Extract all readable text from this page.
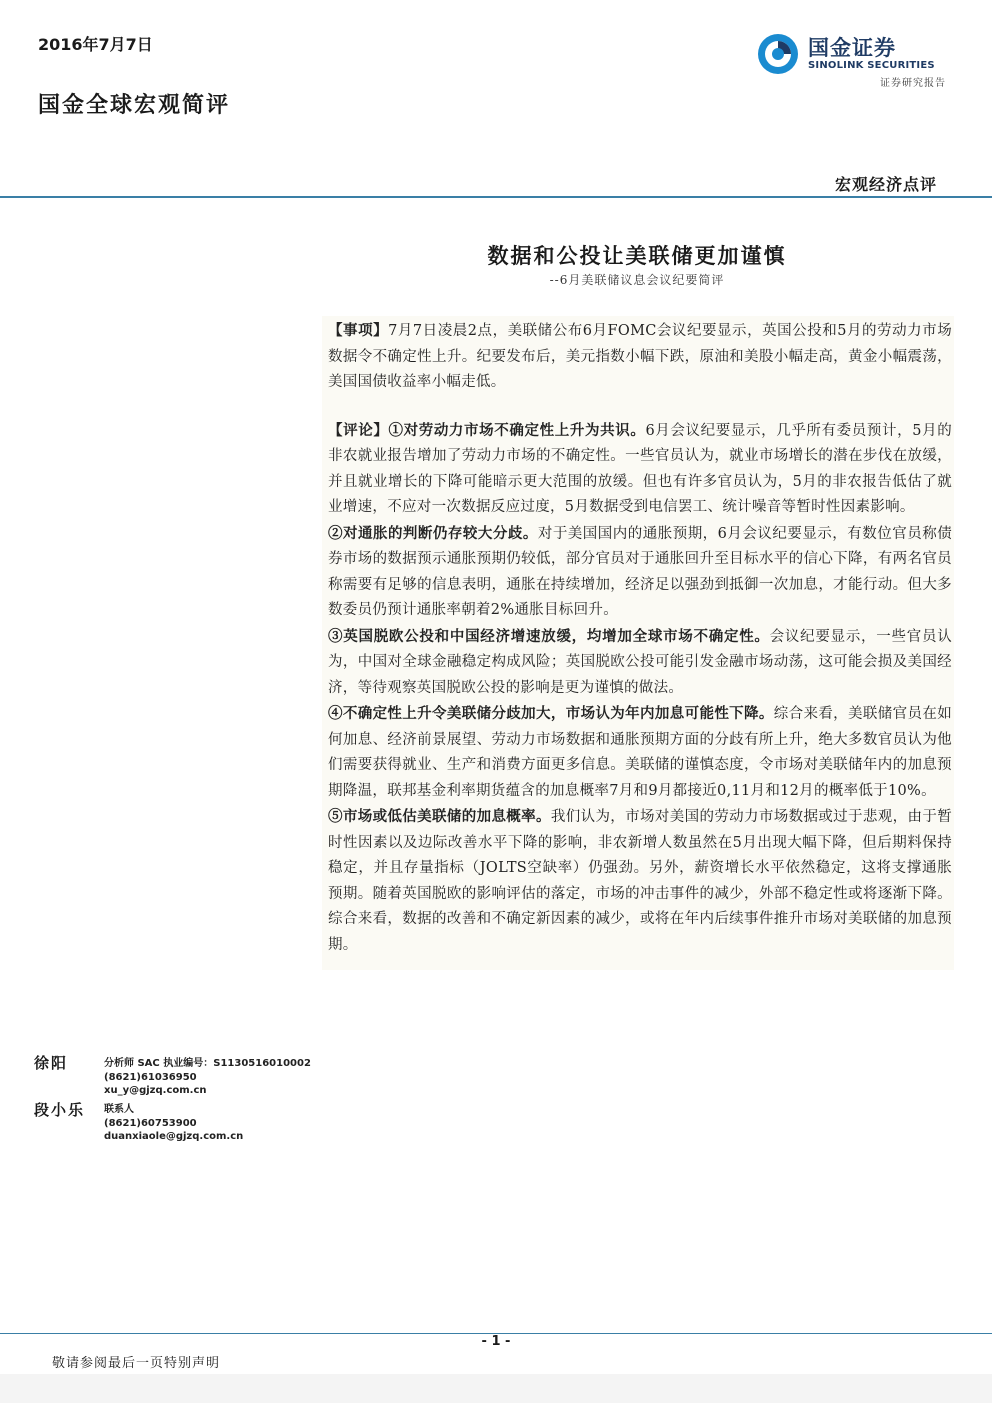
2016年7月7日
国金全球宏观简评
国金证券
SINOLINK SECURITIES
证券研究报告
宏观经济点评
数据和公投让美联储更加谨慎
--6月美联储议息会议纪要简评

【事项】7月7日凌晨2点，美联储公布6月FOMC会议纪要显示，英国公投和5月的劳动力市场数据令不确定性上升。纪要发布后，美元指数小幅下跌，原油和美股小幅走高，黄金小幅震荡，美国国债收益率小幅走低。

【评论】①对劳动力市场不确定性上升为共识。6月会议纪要显示，几乎所有委员预计，5月的非农就业报告增加了劳动力市场的不确定性。一些官员认为，就业市场增长的潜在步伐在放缓，并且就业增长的下降可能暗示更大范围的放缓。但也有许多官员认为，5月的非农报告低估了就业增速，不应对一次数据反应过度，5月数据受到电信罢工、统计噪音等暂时性因素影响。

②对通胀的判断仍存较大分歧。对于美国国内的通胀预期，6月会议纪要显示，有数位官员称债券市场的数据预示通胀预期仍较低，部分官员对于通胀回升至目标水平的信心下降，有两名官员称需要有足够的信息表明，通胀在持续增加，经济足以强劲到抵御一次加息，才能行动。但大多数委员仍预计通胀率朝着2%通胀目标回升。

③英国脱欧公投和中国经济增速放缓，均增加全球市场不确定性。会议纪要显示，一些官员认为，中国对全球金融稳定构成风险；英国脱欧公投可能引发金融市场动荡，这可能会损及美国经济，等待观察英国脱欧公投的影响是更为谨慎的做法。

④不确定性上升令美联储分歧加大，市场认为年内加息可能性下降。综合来看，美联储官员在如何加息、经济前景展望、劳动力市场数据和通胀预期方面的分歧有所上升，绝大多数官员认为他们需要获得就业、生产和消费方面更多信息。美联储的谨慎态度，令市场对美联储年内的加息预期降温，联邦基金利率期货蕴含的加息概率7月和9月都接近0,11月和12月的概率低于10%。

⑤市场或低估美联储的加息概率。我们认为，市场对美国的劳动力市场数据或过于悲观，由于暂时性因素以及边际改善水平下降的影响，非农新增人数虽然在5月出现大幅下降，但后期料保持稳定，并且存量指标（JOLTS空缺率）仍强劲。另外，薪资增长水平依然稳定，这将支撑通胀预期。随着英国脱欧的影响评估的落定，市场的冲击事件的减少，外部不稳定性或将逐渐下降。综合来看，数据的改善和不确定新因素的减少，或将在年内后续事件推升市场对美联储的加息预期。

徐阳	分析师 SAC 执业编号：S1130516010002
(8621)61036950
xu_y@gjzq.com.cn
段小乐 联系人
(8621)60753900
duanxiaole@gjzq.com.cn
- 1 -
敬请参阅最后一页特别声明
